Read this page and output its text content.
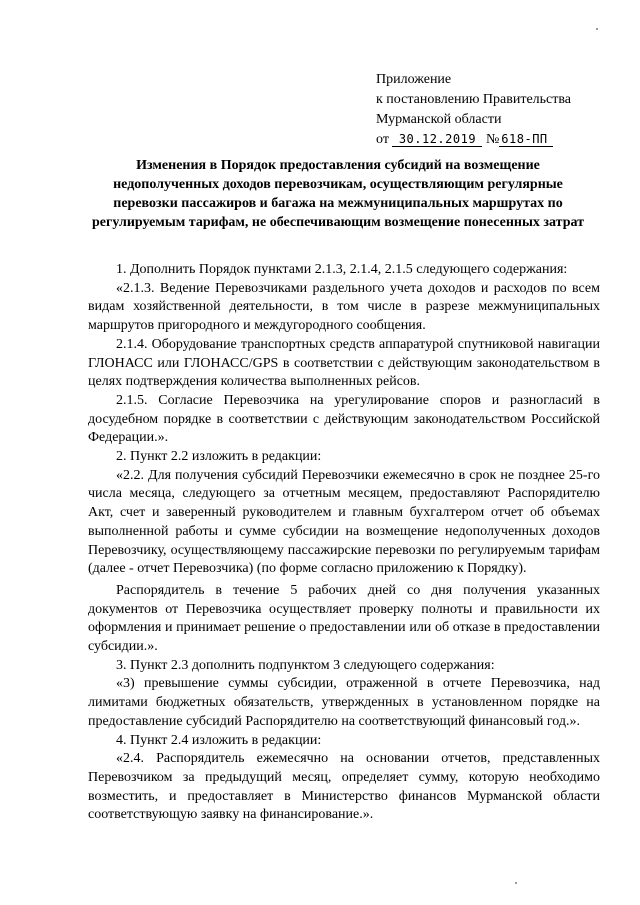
Приложение
к постановлению Правительства
Мурманской области
от 30.12.2019 № 618-ПП
Изменения в Порядок предоставления субсидий на возмещение недополученных доходов перевозчикам, осуществляющим регулярные перевозки пассажиров и багажа на межмуниципальных маршрутах по регулируемым тарифам, не обеспечивающим возмещение понесенных затрат

1. Дополнить Порядок пунктами 2.1.3, 2.1.4, 2.1.5 следующего содержания:

«2.1.3. Ведение Перевозчиками раздельного учета доходов и расходов по всем видам хозяйственной деятельности, в том числе в разрезе межмуниципальных маршрутов пригородного и междугородного сообщения.

2.1.4. Оборудование транспортных средств аппаратурой спутниковой навигации ГЛОНАСС или ГЛОНАСС/GPS в соответствии с действующим законодательством в целях подтверждения количества выполненных рейсов.

2.1.5. Согласие Перевозчика на урегулирование споров и разногласий в досудебном порядке в соответствии с действующим законодательством Российской Федерации.».

2. Пункт 2.2 изложить в редакции:

«2.2. Для получения субсидий Перевозчики ежемесячно в срок не позднее 25-го числа месяца, следующего за отчетным месяцем, предоставляют Распорядителю Акт, счет и заверенный руководителем и главным бухгалтером отчет об объемах выполненной работы и сумме субсидии на возмещение недополученных доходов Перевозчику, осуществляющему пассажирские перевозки по регулируемым тарифам (далее - отчет Перевозчика) (по форме согласно приложению к Порядку).

Распорядитель в течение 5 рабочих дней со дня получения указанных документов от Перевозчика осуществляет проверку полноты и правильности их оформления и принимает решение о предоставлении или об отказе в предоставлении субсидии.».

3. Пункт 2.3 дополнить подпунктом 3 следующего содержания:

«3) превышение суммы субсидии, отраженной в отчете Перевозчика, над лимитами бюджетных обязательств, утвержденных в установленном порядке на предоставление субсидий Распорядителю на соответствующий финансовый год.».

4. Пункт 2.4 изложить в редакции:

«2.4. Распорядитель ежемесячно на основании отчетов, представленных Перевозчиком за предыдущий месяц, определяет сумму, которую необходимо возместить, и предоставляет в Министерство финансов Мурманской области соответствующую заявку на финансирование.».
